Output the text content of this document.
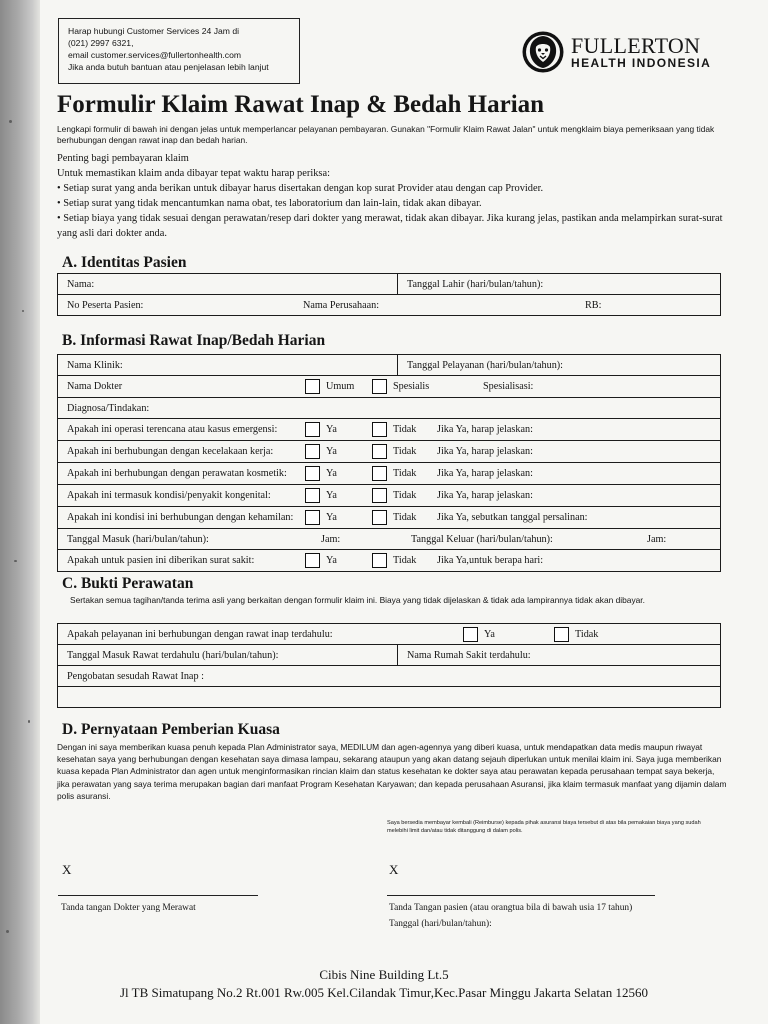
Harap hubungi Customer Services 24 Jam di
(021) 2997 6321,
email customer.services@fullertonhealth.com
Jika anda butuh bantuan atau penjelasan lebih lanjut
FULLERTON
HEALTH INDONESIA
Formulir Klaim Rawat Inap & Bedah Harian
Lengkapi formulir di bawah ini dengan jelas untuk memperlancar pelayanan pembayaran. Gunakan "Formulir Klaim Rawat Jalan" untuk mengklaim biaya pemeriksaan yang tidak berhubungan dengan rawat inap dan bedah harian.
Penting bagi pembayaran klaim
Untuk memastikan klaim anda dibayar tepat waktu harap periksa:
• Setiap surat yang anda berikan untuk dibayar harus disertakan dengan kop surat Provider atau dengan cap Provider.
• Setiap surat yang tidak mencantumkan nama obat, tes laboratorium dan lain-lain, tidak akan dibayar.
• Setiap biaya yang tidak sesuai dengan perawatan/resep dari dokter yang merawat, tidak akan dibayar. Jika kurang jelas, pastikan anda melampirkan surat-surat yang asli dari dokter anda.
A. Identitas Pasien
Nama:	Tanggal Lahir (hari/bulan/tahun):

No Peserta Pasien:	Nama Perusahaan:	RB:
B. Informasi Rawat Inap/Bedah Harian
Nama Klinik:	Tanggal Pelayanan (hari/bulan/tahun):

Nama Dokter	Umum	Spesialis	Spesialisasi:

Diagnosa/Tindakan:

Apakah ini operasi terencana atau kasus emergensi:	Ya	Tidak	Jika Ya, harap jelaskan:

Apakah ini berhubungan dengan kecelakaan kerja:	Ya	Tidak	Jika Ya, harap jelaskan:

Apakah ini berhubungan dengan perawatan kosmetik:	Ya	Tidak	Jika Ya, harap jelaskan:

Apakah ini termasuk kondisi/penyakit kongenital:	Ya	Tidak	Jika Ya, harap jelaskan:

Apakah ini kondisi ini berhubungan dengan kehamilan:	Ya	Tidak	Jika Ya, sebutkan tanggal persalinan:

Tanggal Masuk (hari/bulan/tahun):	Jam:	Tanggal Keluar (hari/bulan/tahun):	Jam:

Apakah untuk pasien ini diberikan surat sakit:	Ya	Tidak	Jika Ya,untuk berapa hari:
C. Bukti Perawatan
Sertakan semua tagihan/tanda terima asli yang berkaitan dengan formulir klaim ini. Biaya yang tidak dijelaskan & tidak ada lampirannya tidak akan dibayar.
Apakah pelayanan ini berhubungan dengan rawat inap terdahulu:	Ya	Tidak

Tanggal Masuk Rawat terdahulu (hari/bulan/tahun):	Nama Rumah Sakit terdahulu:
Pengobatan sesudah Rawat Inap :

D. Pernyataan Pemberian Kuasa
Dengan ini saya memberikan kuasa penuh kepada Plan Administrator saya, MEDILUM dan agen-agennya yang diberi kuasa, untuk mendapatkan data medis maupun riwayat kesehatan saya yang berhubungan dengan kesehatan saya dimasa lampau, sekarang ataupun yang akan datang sejauh diperlukan untuk menilai klaim ini. Saya juga memberikan kuasa kepada Plan Administrator dan agen untuk menginformasikan rincian klaim dan status kesehatan ke dokter saya atau perawatan kepada perusahaan tempat saya bekerja, jika perawatan yang saya terima merupakan bagian dari manfaat Program Kesehatan Karyawan; dan kepada perusahaan Asuransi, jika klaim termasuk manfaat yang dijamin dalam polis asuransi.
Saya bersedia membayar kembali (Reimburse) kepada pihak asuransi biaya tersebut di atas bila pemakaian biaya yang sudah melebihi limit dan/atau tidak ditanggung di dalam polis.
X	X
Tanda tangan Dokter yang Merawat	Tanda Tangan pasien (atau orangtua bila di bawah usia 17 tahun)
Tanggal (hari/bulan/tahun):
Cibis Nine Building Lt.5
Jl TB Simatupang No.2 Rt.001 Rw.005 Kel.Cilandak Timur,Kec.Pasar Minggu Jakarta Selatan 12560
